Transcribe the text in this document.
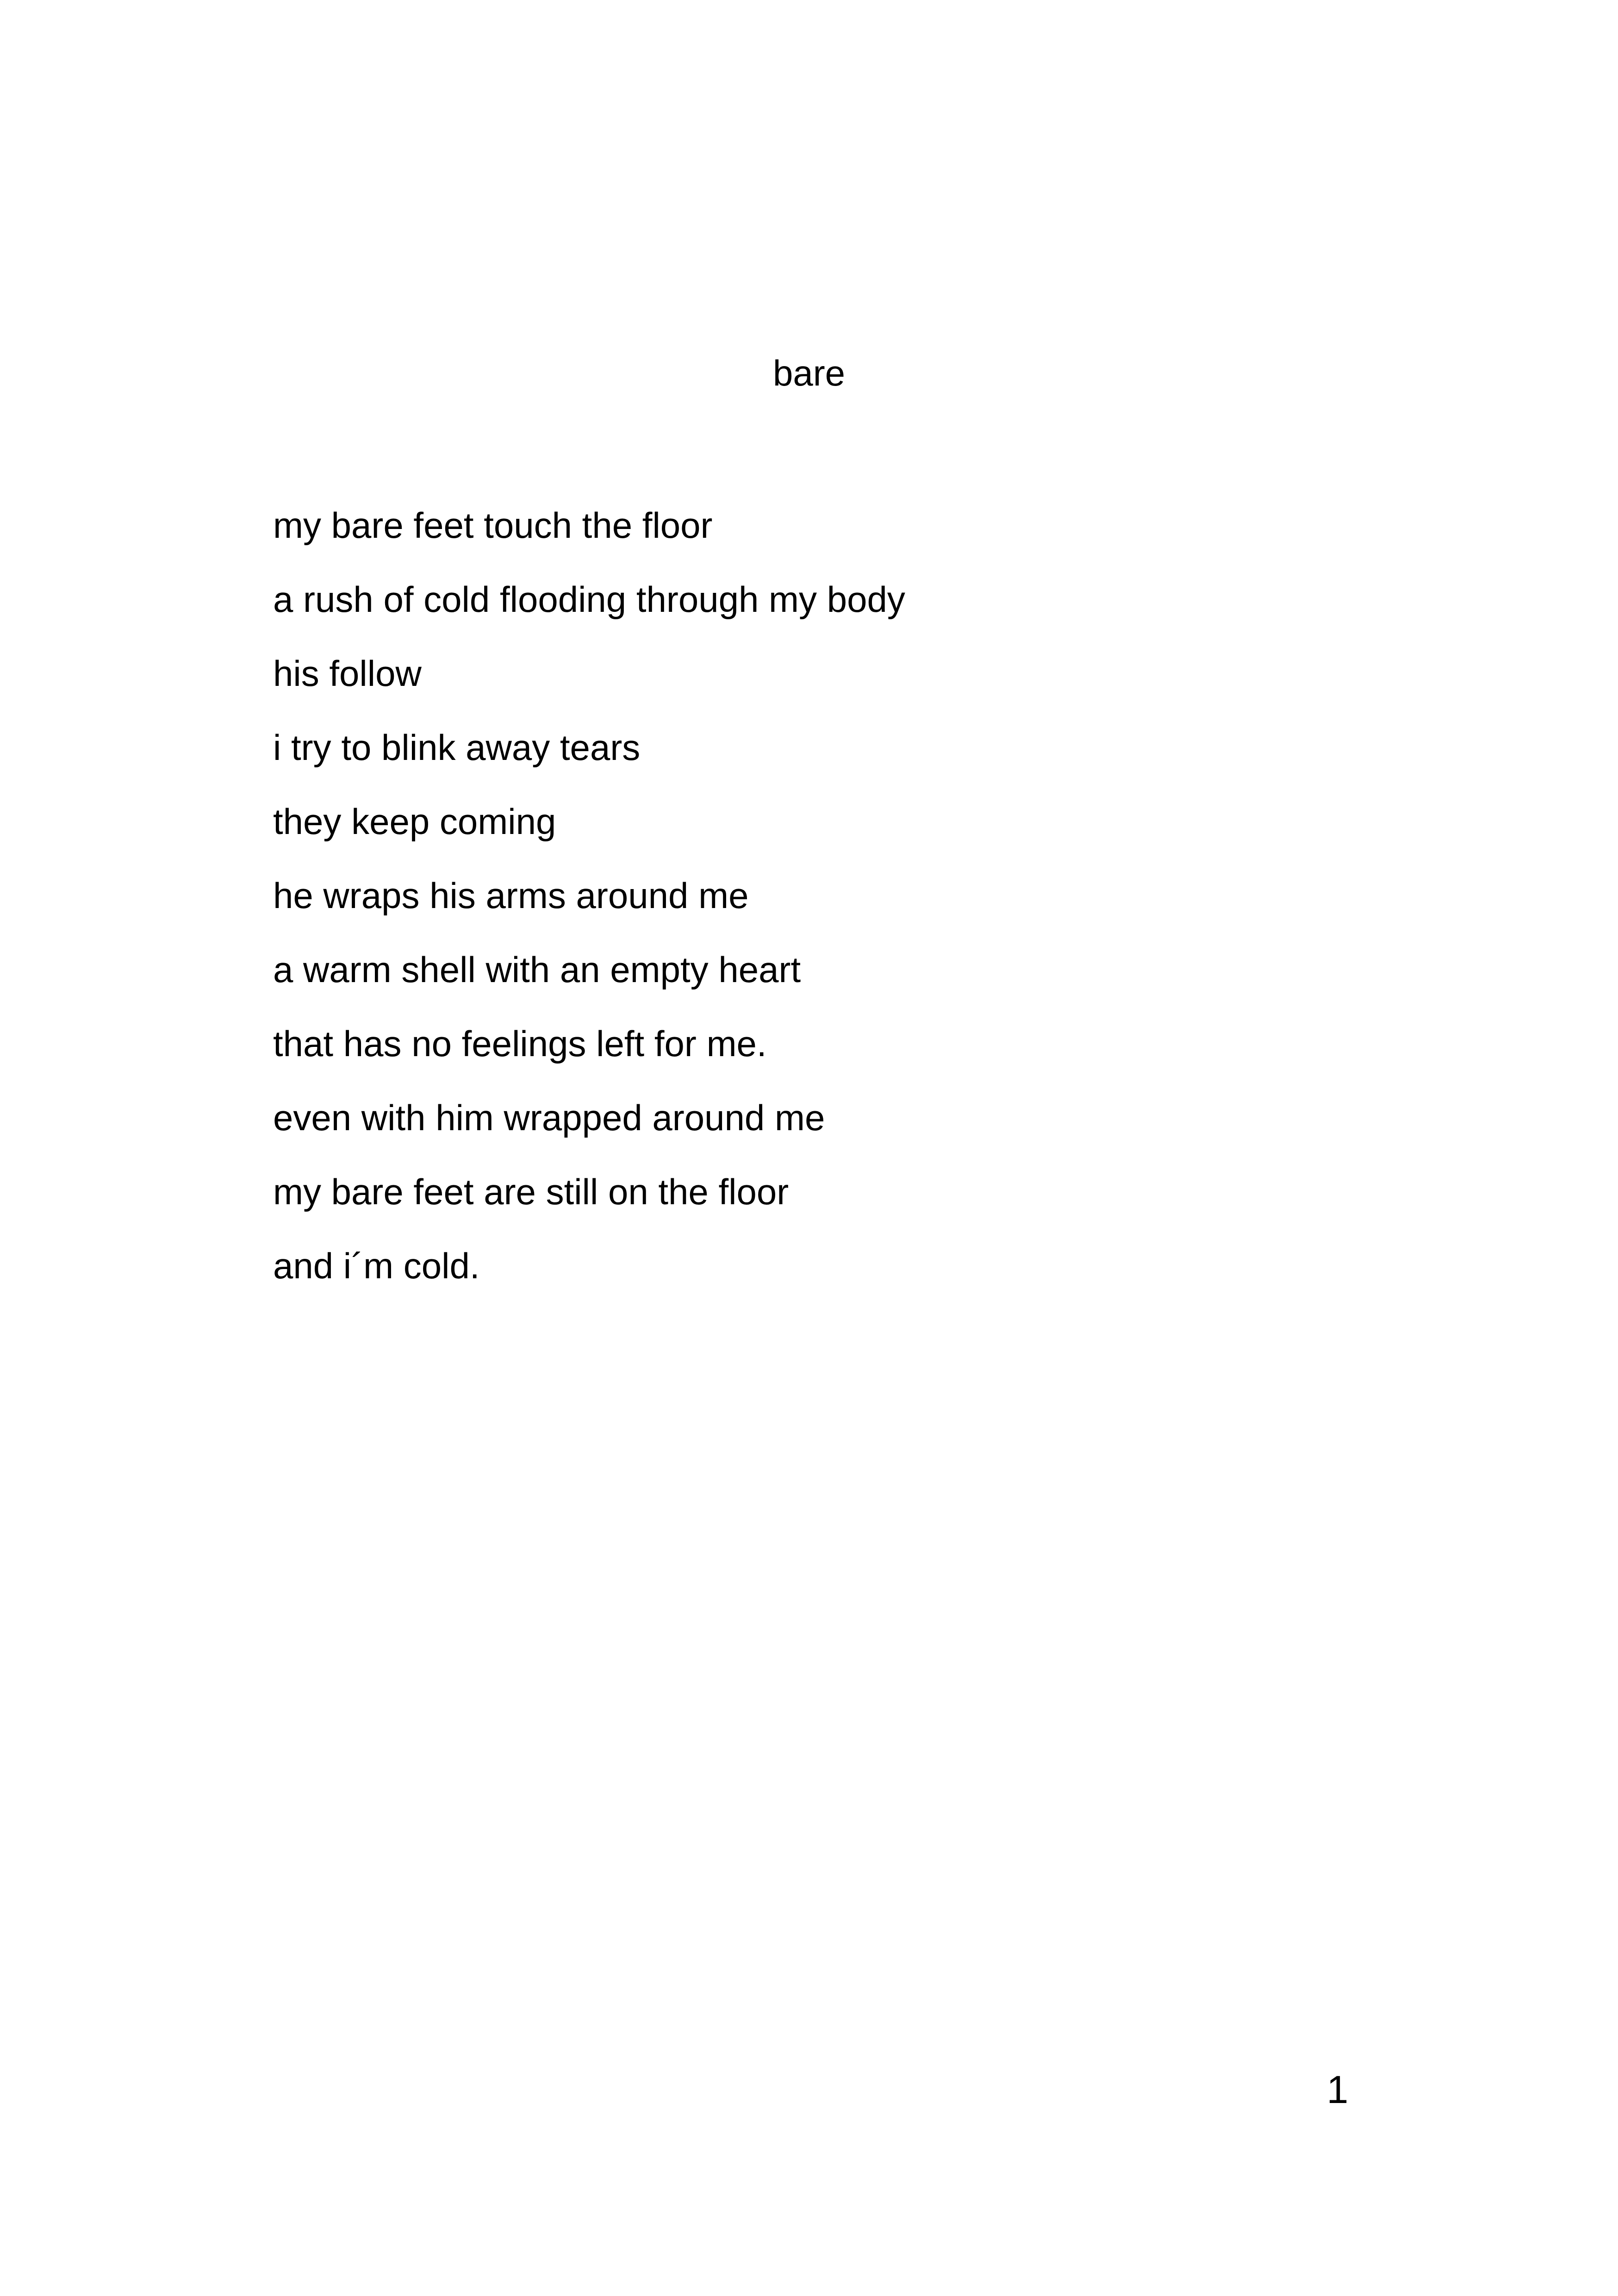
bare
my bare feet touch the floor
a rush of cold flooding through my body
his follow
i try to blink away tears
they keep coming
he wraps his arms around me
a warm shell with an empty heart
that has no feelings left for me.
even with him wrapped around me
my bare feet are still on the floor
and i´m cold.
1
